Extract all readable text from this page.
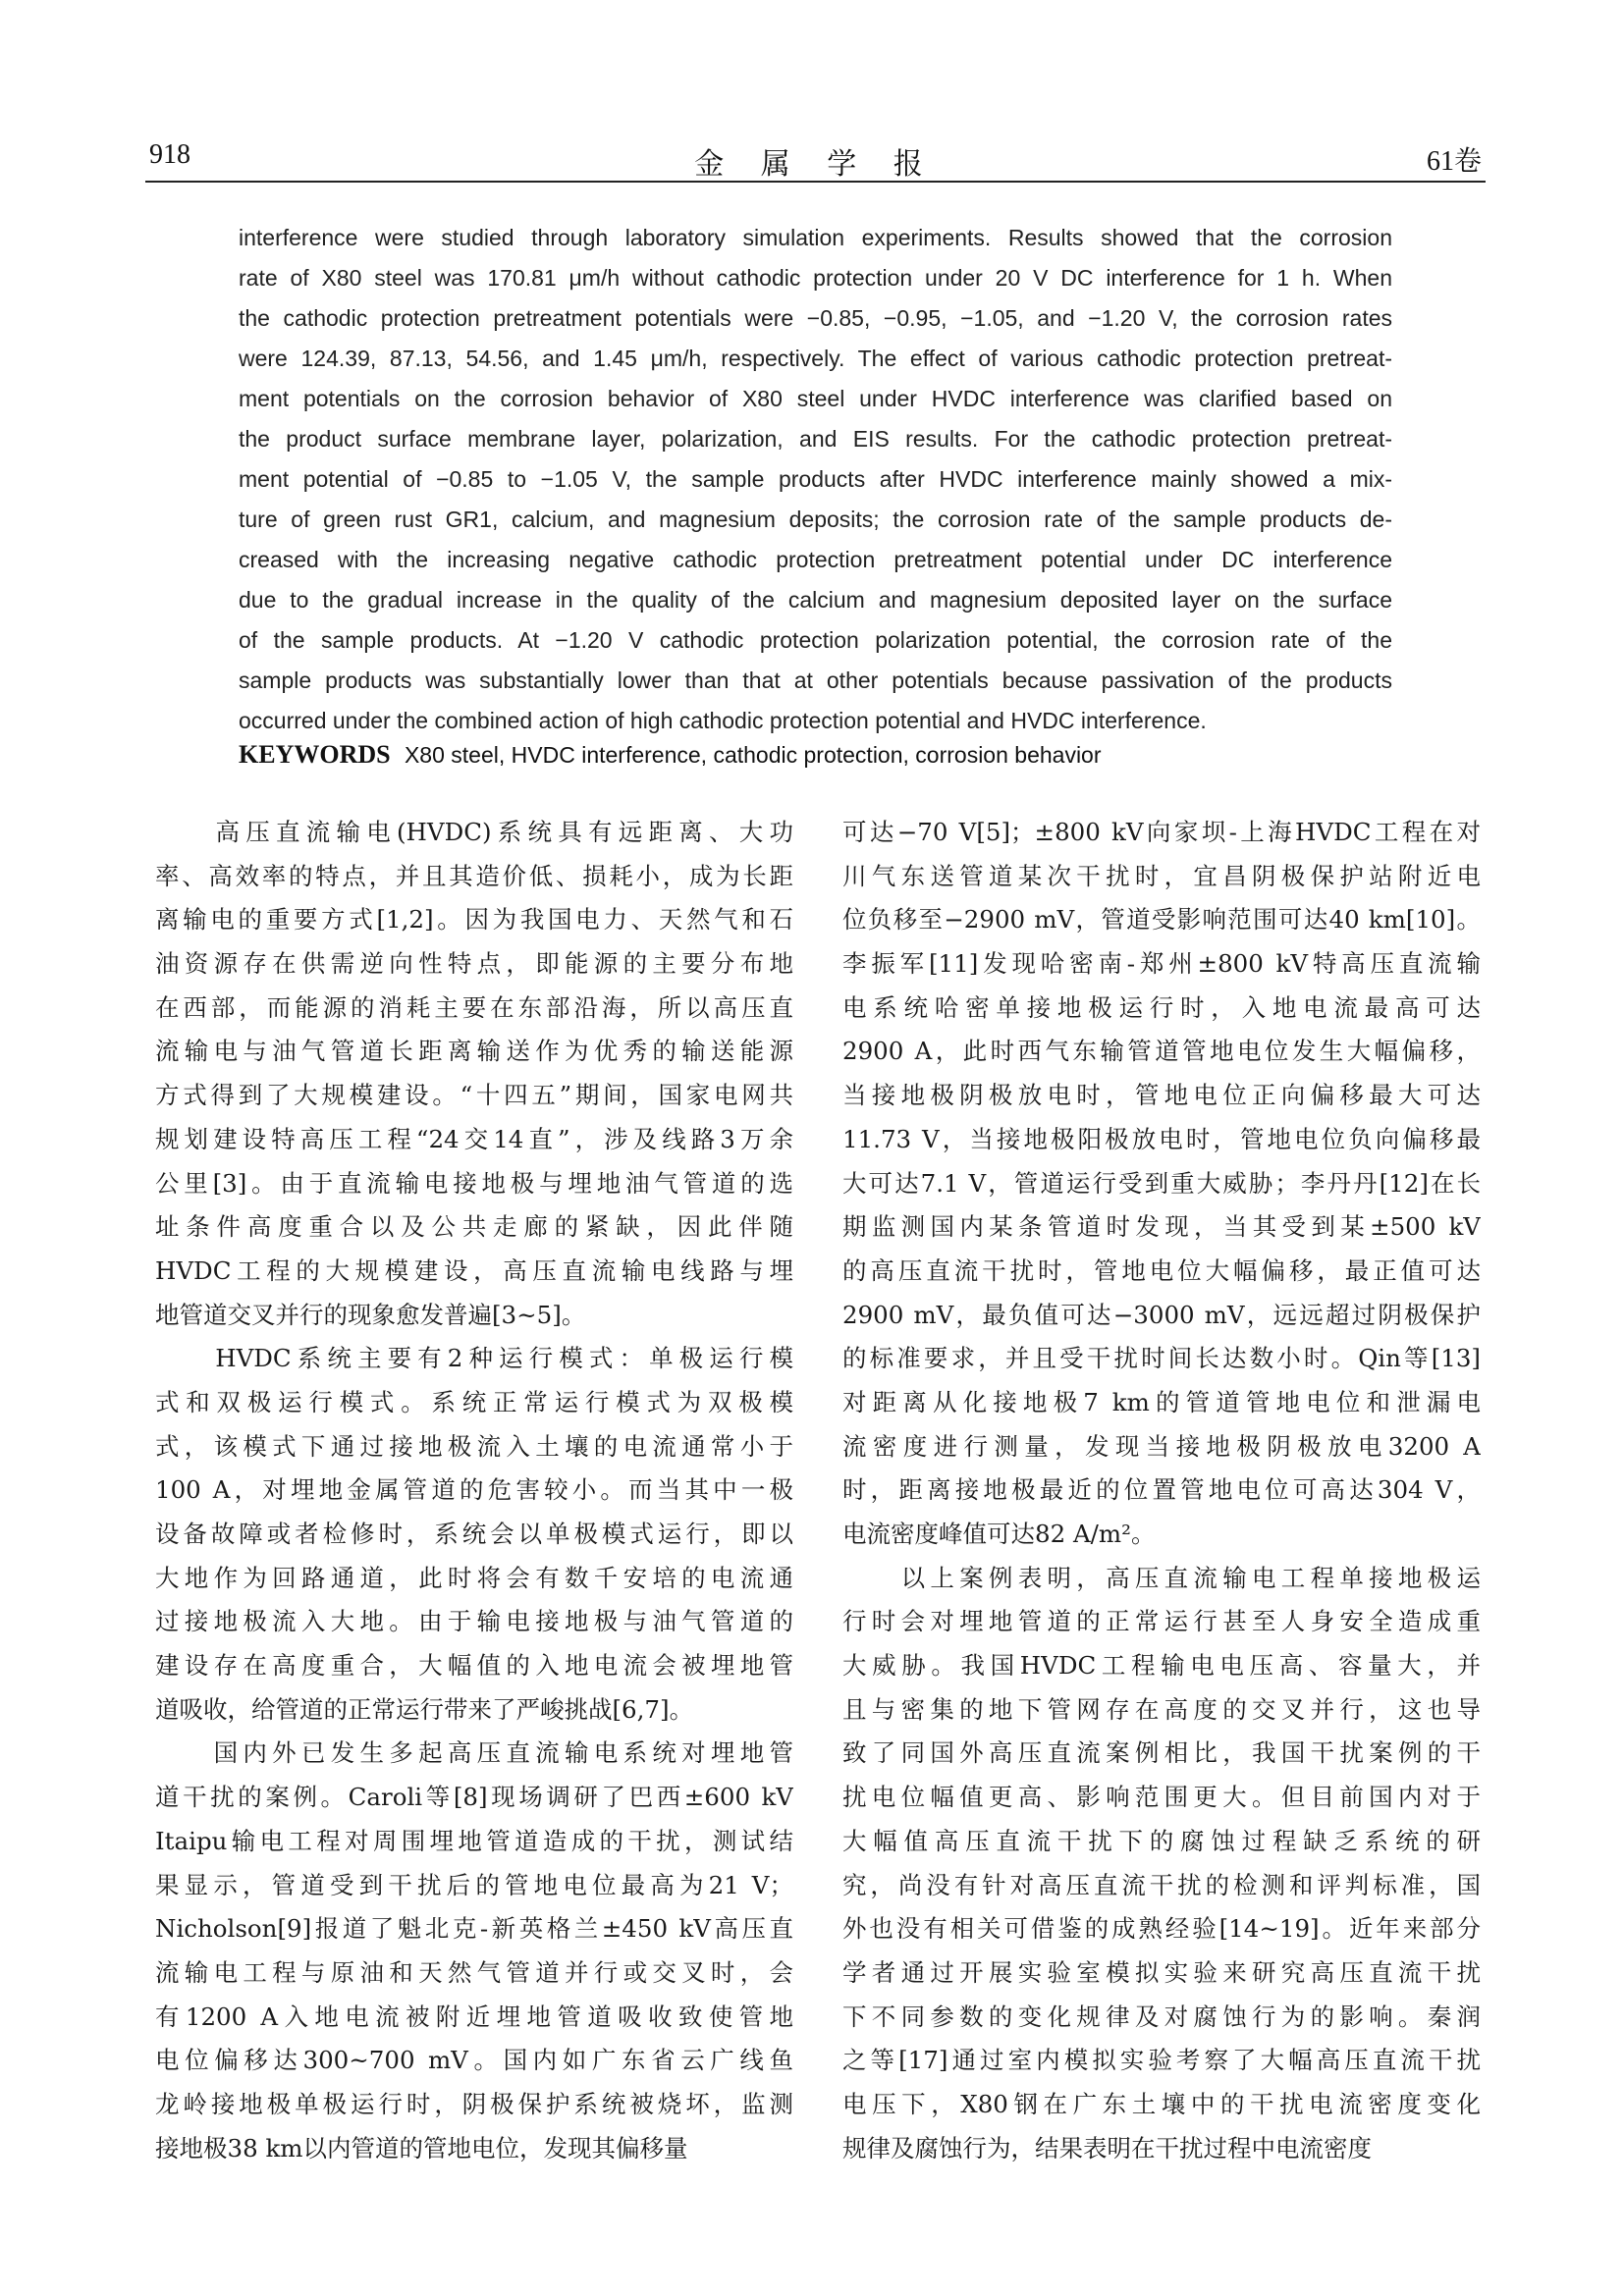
918	金 属 学 报	61卷
interference were studied through laboratory simulation experiments. Results showed that the corrosion
rate of X80 steel was 170.81 μm/h without cathodic protection under 20 V DC interference for 1 h. When
the cathodic protection pretreatment potentials were −0.85, −0.95, −1.05, and −1.20 V, the corrosion rates
were 124.39, 87.13, 54.56, and 1.45 μm/h, respectively. The effect of various cathodic protection pretreat-
ment potentials on the corrosion behavior of X80 steel under HVDC interference was clarified based on
the product surface membrane layer, polarization, and EIS results. For the cathodic protection pretreat-
ment potential of −0.85 to −1.05 V, the sample products after HVDC interference mainly showed a mix-
ture of green rust GR1, calcium, and magnesium deposits; the corrosion rate of the sample products de-
creased with the increasing negative cathodic protection pretreatment potential under DC interference
due to the gradual increase in the quality of the calcium and magnesium deposited layer on the surface
of the sample products. At −1.20 V cathodic protection polarization potential, the corrosion rate of the
sample products was substantially lower than that at other potentials because passivation of the products
occurred under the combined action of high cathodic protection potential and HVDC interference.
KEYWORDS X80 steel, HVDC interference, cathodic protection, corrosion behavior
　　高压直流输电(HVDC)系统具有远距离、大功
率、高效率的特点，并且其造价低、损耗小，成为长距
离输电的重要方式[1,2]。因为我国电力、天然气和石
油资源存在供需逆向性特点，即能源的主要分布地
在西部，而能源的消耗主要在东部沿海，所以高压直
流输电与油气管道长距离输送作为优秀的输送能源
方式得到了大规模建设。“十四五”期间，国家电网共
规划建设特高压工程“24交14直”，涉及线路3万余
公里[3]。由于直流输电接地极与埋地油气管道的选
址条件高度重合以及公共走廊的紧缺，因此伴随
HVDC工程的大规模建设，高压直流输电线路与埋
地管道交叉并行的现象愈发普遍[3~5]。
　　HVDC系统主要有2种运行模式：单极运行模
式和双极运行模式。系统正常运行模式为双极模
式，该模式下通过接地极流入土壤的电流通常小于
100 A，对埋地金属管道的危害较小。而当其中一极
设备故障或者检修时，系统会以单极模式运行，即以
大地作为回路通道，此时将会有数千安培的电流通
过接地极流入大地。由于输电接地极与油气管道的
建设存在高度重合，大幅值的入地电流会被埋地管
道吸收，给管道的正常运行带来了严峻挑战[6,7]。
　　国内外已发生多起高压直流输电系统对埋地管
道干扰的案例。Caroli等[8]现场调研了巴西±600 kV
Itaipu输电工程对周围埋地管道造成的干扰，测试结
果显示，管道受到干扰后的管地电位最高为21 V；
Nicholson[9]报道了魁北克-新英格兰±450 kV高压直
流输电工程与原油和天然气管道并行或交叉时，会
有1200 A入地电流被附近埋地管道吸收致使管地
电位偏移达300~700 mV。国内如广东省云广线鱼
龙岭接地极单极运行时，阴极保护系统被烧坏，监测
接地极38 km以内管道的管地电位，发现其偏移量
可达−70 V[5]；±800 kV向家坝-上海HVDC工程在对
川气东送管道某次干扰时，宜昌阴极保护站附近电
位负移至−2900 mV，管道受影响范围可达40 km[10]。
李振军[11]发现哈密南-郑州±800 kV特高压直流输
电系统哈密单接地极运行时，入地电流最高可达
2900 A，此时西气东输管道管地电位发生大幅偏移，
当接地极阴极放电时，管地电位正向偏移最大可达
11.73 V，当接地极阳极放电时，管地电位负向偏移最
大可达7.1 V，管道运行受到重大威胁；李丹丹[12]在长
期监测国内某条管道时发现，当其受到某±500 kV
的高压直流干扰时，管地电位大幅偏移，最正值可达
2900 mV，最负值可达−3000 mV，远远超过阴极保护
的标准要求，并且受干扰时间长达数小时。Qin等[13]
对距离从化接地极7 km的管道管地电位和泄漏电
流密度进行测量，发现当接地极阴极放电3200 A
时，距离接地极最近的位置管地电位可高达304 V，
电流密度峰值可达82 A/m²。
　　以上案例表明，高压直流输电工程单接地极运
行时会对埋地管道的正常运行甚至人身安全造成重
大威胁。我国HVDC工程输电电压高、容量大，并
且与密集的地下管网存在高度的交叉并行，这也导
致了同国外高压直流案例相比，我国干扰案例的干
扰电位幅值更高、影响范围更大。但目前国内对于
大幅值高压直流干扰下的腐蚀过程缺乏系统的研
究，尚没有针对高压直流干扰的检测和评判标准，国
外也没有相关可借鉴的成熟经验[14~19]。近年来部分
学者通过开展实验室模拟实验来研究高压直流干扰
下不同参数的变化规律及对腐蚀行为的影响。秦润
之等[17]通过室内模拟实验考察了大幅高压直流干扰
电压下，X80钢在广东土壤中的干扰电流密度变化
规律及腐蚀行为，结果表明在干扰过程中电流密度
